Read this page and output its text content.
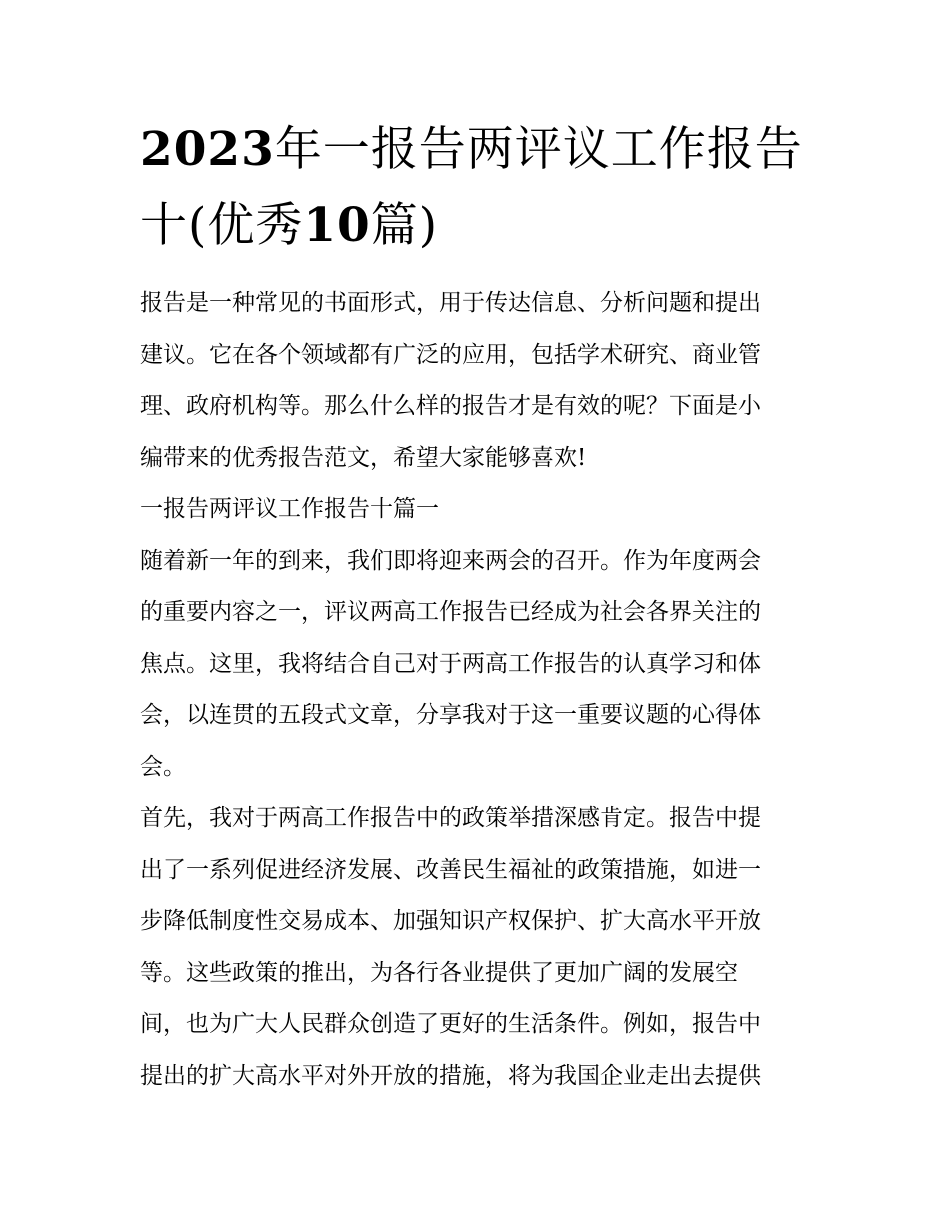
2023年一报告两评议工作报告
十(优秀10篇)
报告是一种常见的书面形式，用于传达信息、分析问题和提出
建议。它在各个领域都有广泛的应用，包括学术研究、商业管
理、政府机构等。那么什么样的报告才是有效的呢？下面是小
编带来的优秀报告范文，希望大家能够喜欢!
一报告两评议工作报告十篇一
随着新一年的到来，我们即将迎来两会的召开。作为年度两会
的重要内容之一，评议两高工作报告已经成为社会各界关注的
焦点。这里，我将结合自己对于两高工作报告的认真学习和体
会，以连贯的五段式文章，分享我对于这一重要议题的心得体
会。
首先，我对于两高工作报告中的政策举措深感肯定。报告中提
出了一系列促进经济发展、改善民生福祉的政策措施，如进一
步降低制度性交易成本、加强知识产权保护、扩大高水平开放
等。这些政策的推出，为各行各业提供了更加广阔的发展空
间，也为广大人民群众创造了更好的生活条件。例如，报告中
提出的扩大高水平对外开放的措施，将为我国企业走出去提供
